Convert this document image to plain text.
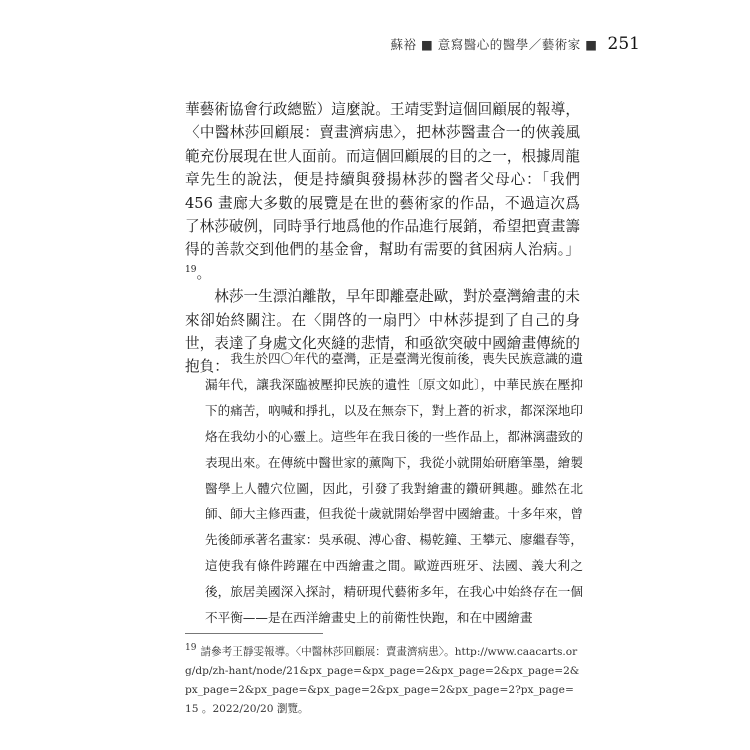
蘇裕 ■ 意寫醫心的醫學／藝術家 ■ 251

華藝術協會行政總監）這麼說。王靖雯對這個回顧展的報導，〈中醫林莎回顧展：賣畫濟病患〉，把林莎醫畫合一的俠義風範充份展現在世人面前。而這個回顧展的目的之一，根據周龍章先生的說法，便是持續與發揚林莎的醫者父母心：「我們 456 畫廊大多數的展覽是在世的藝術家的作品，不過這次爲了林莎破例，同時爭行地爲他的作品進行展銷，希望把賣畫籌得的善款交到他們的基金會，幫助有需要的貧困病人治病。」$^{19}$。

林莎一生漂泊離散，早年即離臺赴歐，對於臺灣繪畫的未來卻始終關注。在〈開啓的一扇門〉中林莎提到了自己的身世，表達了身處文化夾縫的悲情，和亟欲突破中國繪畫傳統的抱負： 我生於四〇年代的臺灣，正是臺灣光復前後，喪失民族意識的遺漏年代，讓我深臨被壓抑民族的遺性〔原文如此〕，中華民族在壓抑下的痛苦，吶喊和掙扎，以及在無奈下，對上蒼的祈求，都深深地印烙在我幼小的心靈上。這些年在我日後的一些作品上，都淋漓盡致的表現出來。在傳統中醫世家的薰陶下，我從小就開始研磨筆墨，繪製醫學上人體穴位圖，因此，引發了我對繪畫的鑽研興趣。雖然在北師、師大主修西畫，但我從十歲就開始學習中國繪畫。十多年來，曾先後師承著名畫家：吳承硯、溥心畬、楊乾鐘、王攀元、廖繼春等，這使我有條件跨躍在中西繪畫之間。歐遊西班牙、法國、義大利之後，旅居美國深入探討，精研現代藝術多年，在我心中始終存在一個不平衡——是在西洋繪畫史上的前衛性快跑，和在中國繪畫

$^{19}$ 請參考王靜雯報導。〈中醫林莎回顧展：賣畫濟病患〉。http://www.caacarts.org/dp/zh-hant/node/21&px_page=&px_page=2&px_page=2&px_page=2&px_page=2&px_page=&px_page=2&px_page=2&px_page=2?px_page=15 。2022/20/20 瀏覽。
